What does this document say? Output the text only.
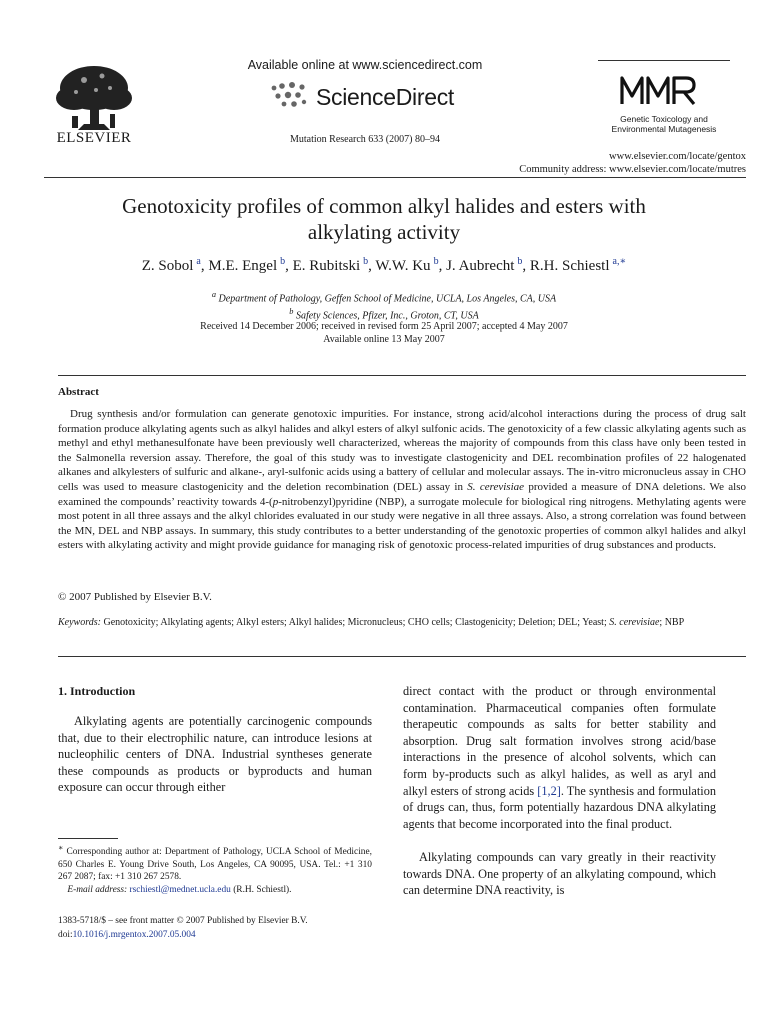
ELSEVIER
Available online at www.sciencedirect.com
ScienceDirect
Mutation Research 633 (2007) 80–94
Genetic Toxicology and
Environmental Mutagenesis
www.elsevier.com/locate/gentox
Community address: www.elsevier.com/locate/mutres
Genotoxicity profiles of common alkyl halides and esters with
alkylating activity
Z. Sobol  $^a$, M.E. Engel  $^b$, E. Rubitski  $^b$, W.W. Ku  $^b$, J. Aubrecht  $^b$, R.H. Schiestl  $^{a,∗}$
$^a$ Department of Pathology, Geffen School of Medicine, UCLA, Los Angeles, CA, USA
$^b$ Safety Sciences, Pfizer, Inc., Groton, CT, USA
Received 14 December 2006; received in revised form 25 April 2007; accepted 4 May 2007
Available online 13 May 2007
Abstract
Drug synthesis and/or formulation can generate genotoxic impurities. For instance, strong acid/alcohol interactions during the process of drug salt formation produce alkylating agents such as alkyl halides and alkyl esters of alkyl sulfonic acids. The genotoxicity of a few classic alkylating agents such as methyl and ethyl methanesulfonate have been previously well characterized, whereas the majority of compounds from this class have only been tested in the Salmonella reversion assay. Therefore, the goal of this study was to investigate clastogenicity and DEL recombination profiles of 22 halogenated alkanes and alkylesters of sulfuric and alkane-, aryl-sulfonic acids using a battery of cellular and molecular assays. The in-vitro micronucleus assay in CHO cells was used to measure clastogenicity and the deletion recombination (DEL) assay in S. cerevisiae provided a measure of DNA deletions. We also examined the compounds’ reactivity towards 4-(p-nitrobenzyl)pyridine (NBP), a surrogate molecule for biological ring nitrogens. Methylating agents were most potent in all three assays and the alkyl chlorides evaluated in our study were negative in all three assays. Also, a strong correlation was found between the MN, DEL and NBP assays. In summary, this study contributes to a better understanding of the genotoxic properties of common alkyl halides and alkyl esters with alkylating activity and might provide guidance for managing risk of genotoxic process-related impurities of drug substances and products.
© 2007 Published by Elsevier B.V.
Keywords: Genotoxicity; Alkylating agents; Alkyl esters; Alkyl halides; Micronucleus; CHO cells; Clastogenicity; Deletion; DEL; Yeast; S. cerevisiae; NBP
1. Introduction
Alkylating agents are potentially carcinogenic compounds that, due to their electrophilic nature, can introduce lesions at nucleophilic centers of DNA. Industrial syntheses generate these compounds as products or byproducts and human exposure can occur through either
direct contact with the product or through environmental contamination. Pharmaceutical companies often formulate therapeutic compounds as salts for better stability and absorption. Drug salt formation involves strong acid/base interactions in the presence of alcohol solvents, which can form by-products such as alkyl halides, as well as aryl and alkyl esters of strong acids [1,2]. The synthesis and formulation of drugs can, thus, form potentially hazardous DNA alkylating agents that become incorporated into the final product.
Alkylating compounds can vary greatly in their reactivity towards DNA. One property of an alkylating compound, which can determine DNA reactivity, is
∗ Corresponding author at: Department of Pathology, UCLA School of Medicine, 650 Charles E. Young Drive South, Los Angeles, CA 90095, USA. Tel.: +1 310 267 2087; fax: +1 310 267 2578.
E-mail address: rschiestl@mednet.ucla.edu (R.H. Schiestl).
1383-5718/$ – see front matter © 2007 Published by Elsevier B.V.
doi:10.1016/j.mrgentox.2007.05.004
